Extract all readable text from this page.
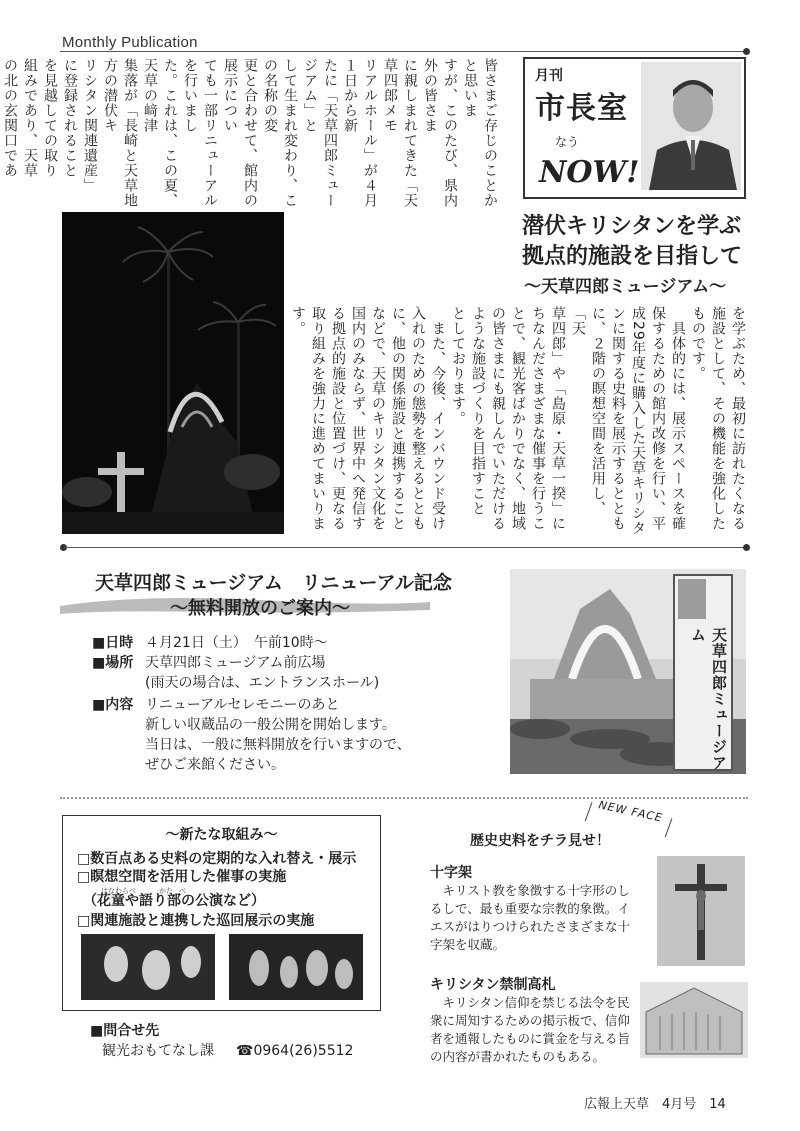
Monthly Publication
皆さまご存じのことかと思いま
すが、このたび、県内外の皆さま
に親しまれてきた「天草四郎メモ
リアルホール」が４月１日から新
たに「天草四郎ミュージアム」と
して生まれ変わり、この名称の変
更と合わせて、館内の展示につい
ても一部リニューアルを行いまし
た。これは、この夏、天草の﨑津
集落が「長崎と天草地方の潜伏キ
リシタン関連遺産」
に登録されること
を見越しての取り
組みであり、天草
の北の玄関口であ	月刊
市長室
なう
NOW!
潜伏キリシタンを学ぶ
拠点的施設を目指して
〜天草四郎ミュージアム〜
を学ぶため、最初に訪れたくなる
施設として、その機能を強化した
ものです。
　具体的には、展示スペースを確
保するための館内改修を行い、平
成29年度に購入した天草キリシタ
ンに関する史料を展示するととも
に、２階の瞑想空間を活用し、「天
草四郎」や「島原・天草一揆」に
ちなんださまざまな催事を行うこ
とで、観光客ばかりでなく、地域
の皆さまにも親しんでいただける
ような施設づくりを目指すこと
としております。
　また、今後、インバウンド受け
入れのための態勢を整えるととも
に、他の関係施設と連携すること
などで、天草のキリシタン文化を
国内のみならず、世界中へ発信す
る拠点的施設と位置づけ、更なる
取り組みを強力に進めてまいりま
す。
天草四郎ミュージアム　リニューアル記念
〜無料開放のご案内〜
■日時 ４月21日（土）　午前10時〜
■場所 天草四郎ミュージアム前広場
(雨天の場合は、エントランスホール)
■内容 リニューアルセレモニーのあと
新しい収蔵品の一般公開を開始します。
当日は、一般に無料開放を行いますので、
ぜひご来館ください。	天草四郎ミュージアム
〜新たな取組み〜
□数百点ある史料の定期的な入れ替え・展示
□瞑想空間を活用した催事の実施
はなわらべ	かた べ
（花童や語り部の公演など）
□関連施設と連携した巡回展示の実施
■問合せ先
観光おもてなし課 ☎0964(26)5512
NEW FACE
歴史史料をチラ見せ！
十字架
　キリスト教を象徴する十字形のしるしで、最も重要な宗教的象徴。イエスがはりつけられたさまざまな十字架を収蔵。
キリシタン禁制高札
　キリシタン信仰を禁じる法令を民衆に周知するための掲示板で、信仰者を通報したものに賞金を与える旨の内容が書かれたものもある。
広報上天草　4月号　14
